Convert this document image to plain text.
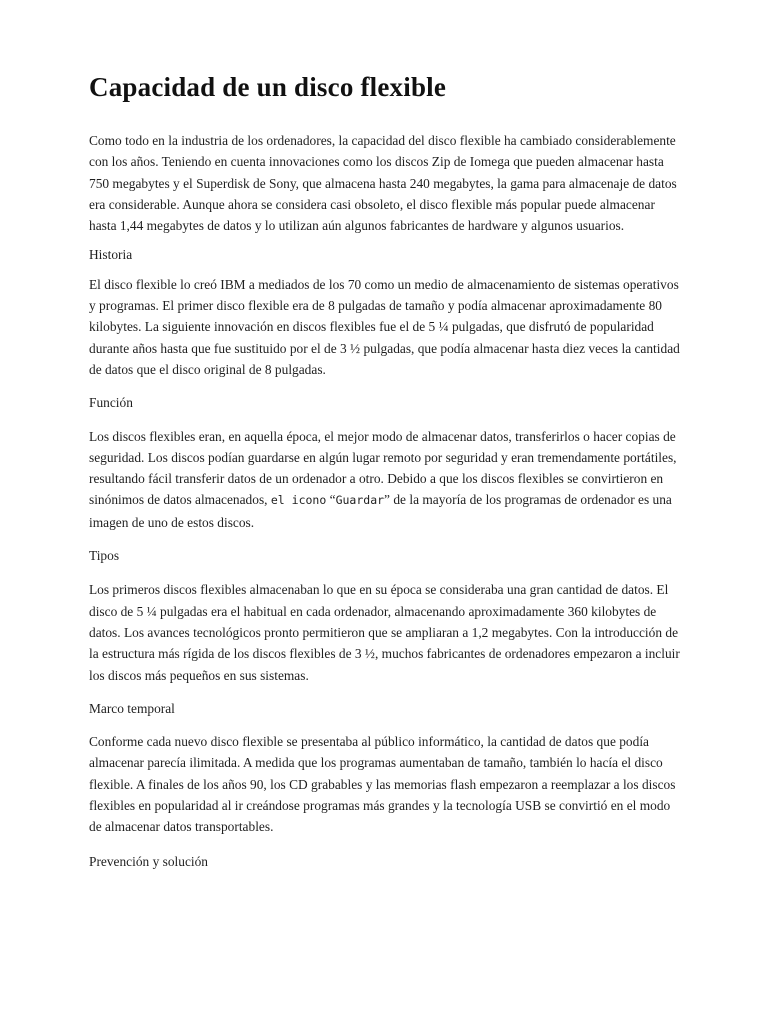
Capacidad de un disco flexible

Como todo en la industria de los ordenadores, la capacidad del disco flexible ha cambiado considerablemente con los años. Teniendo en cuenta innovaciones como los discos Zip de Iomega que pueden almacenar hasta 750 megabytes y el Superdisk de Sony, que almacena hasta 240 megabytes, la gama para almacenaje de datos era considerable. Aunque ahora se considera casi obsoleto, el disco flexible más popular puede almacenar hasta 1,44 megabytes de datos y lo utilizan aún algunos fabricantes de hardware y algunos usuarios.

Historia

El disco flexible lo creó IBM a mediados de los 70 como un medio de almacenamiento de sistemas operativos y programas. El primer disco flexible era de 8 pulgadas de tamaño y podía almacenar aproximadamente 80 kilobytes. La siguiente innovación en discos flexibles fue el de 5 ¼ pulgadas, que disfrutó de popularidad durante años hasta que fue sustituido por el de 3 ½ pulgadas, que podía almacenar hasta diez veces la cantidad de datos que el disco original de 8 pulgadas.

Función

Los discos flexibles eran, en aquella época, el mejor modo de almacenar datos, transferirlos o hacer copias de seguridad. Los discos podían guardarse en algún lugar remoto por seguridad y eran tremendamente portátiles, resultando fácil transferir datos de un ordenador a otro. Debido a que los discos flexibles se convirtieron en sinónimos de datos almacenados, el icono “Guardar” de la mayoría de los programas de ordenador es una imagen de uno de estos discos.

Tipos

Los primeros discos flexibles almacenaban lo que en su época se consideraba una gran cantidad de datos. El disco de 5 ¼ pulgadas era el habitual en cada ordenador, almacenando aproximadamente 360 kilobytes de datos. Los avances tecnológicos pronto permitieron que se ampliaran a 1,2 megabytes. Con la introducción de la estructura más rígida de los discos flexibles de 3 ½, muchos fabricantes de ordenadores empezaron a incluir los discos más pequeños en sus sistemas.

Marco temporal

Conforme cada nuevo disco flexible se presentaba al público informático, la cantidad de datos que podía almacenar parecía ilimitada. A medida que los programas aumentaban de tamaño, también lo hacía el disco flexible. A finales de los años 90, los CD grabables y las memorias flash empezaron a reemplazar a los discos flexibles en popularidad al ir creándose programas más grandes y la tecnología USB se convirtió en el modo de almacenar datos transportables.

Prevención y solución
